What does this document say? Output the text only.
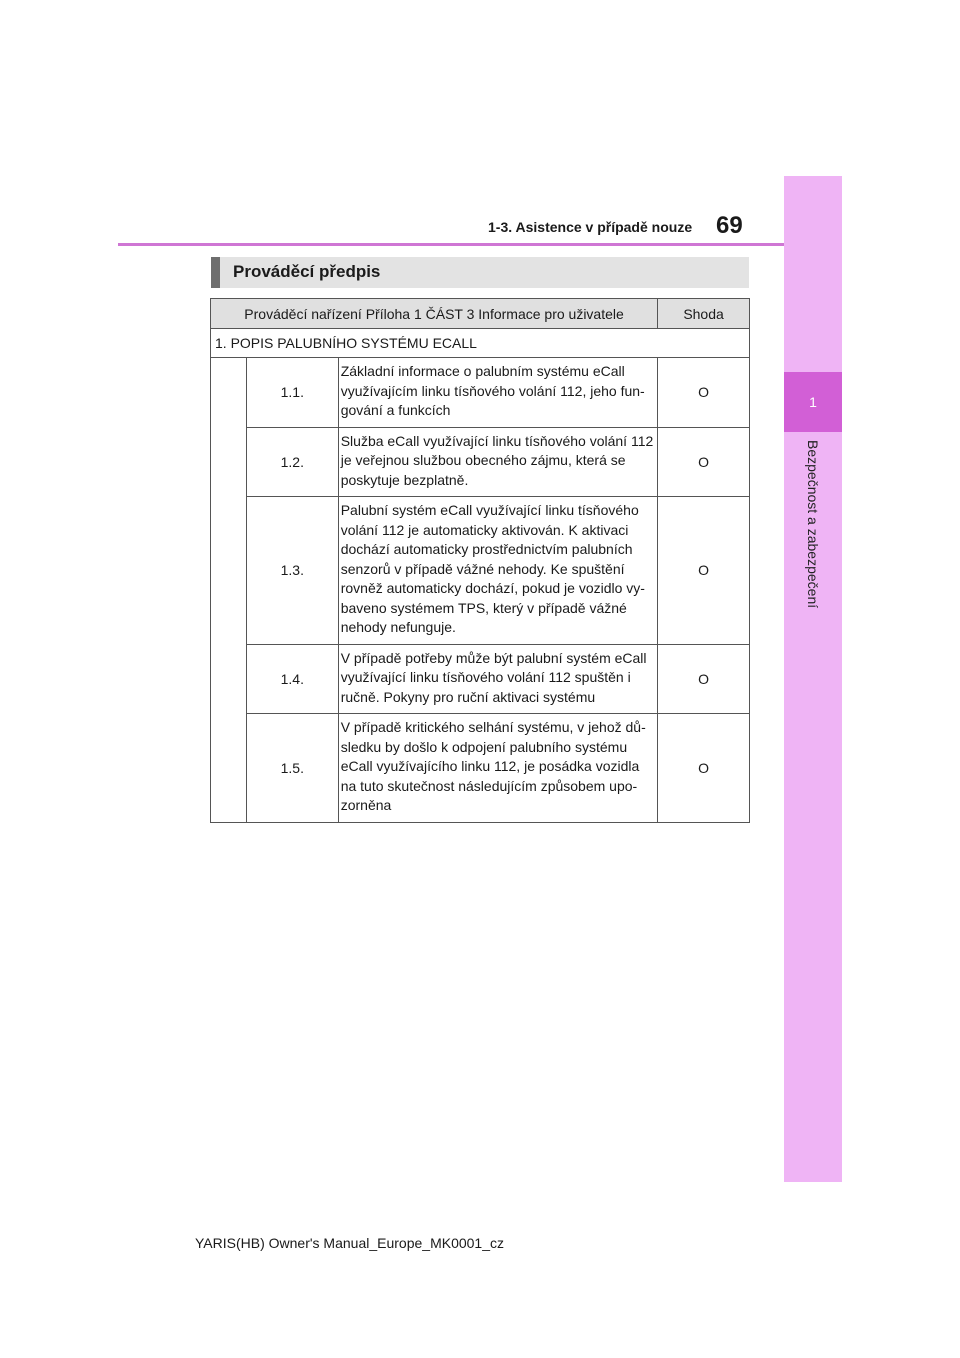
1
Bezpečnost a zabezpečení
1-3. Asistence v případě nouze 69
Prováděcí předpis
Prováděcí nařízení Příloha 1 ČÁST 3 Informace pro uživatele			Shoda
1. POPIS PALUBNÍHO SYSTÉMU ECALL			
	1.1.	Základní informace o palubním systému eCall využívajícím linku tísňového volání 112, jeho fun-gování a funkcích	O
	1.2.	Služba eCall využívající linku tísňového volání 112 je veřejnou službou obecného zájmu, která se poskytuje bezplatně.	O
	1.3.	Palubní systém eCall využívající linku tísňového volání 112 je automaticky aktivován. K aktivaci dochází automaticky prostřednictvím palubních senzorů v případě vážné nehody. Ke spuštění rovněž automaticky dochází, pokud je vozidlo vy-baveno systémem TPS, který v případě vážné nehody nefunguje.	O
	1.4.	V případě potřeby může být palubní systém eCall využívající linku tísňového volání 112 spuštěn i ručně. Pokyny pro ruční aktivaci systému	O
	1.5.	V případě kritického selhání systému, v jehož dů-sledku by došlo k odpojení palubního systému eCall využívajícího linku 112, je posádka vozidla na tuto skutečnost následujícím způsobem upo-zorněna	O
YARIS(HB) Owner's Manual_Europe_MK0001_cz
